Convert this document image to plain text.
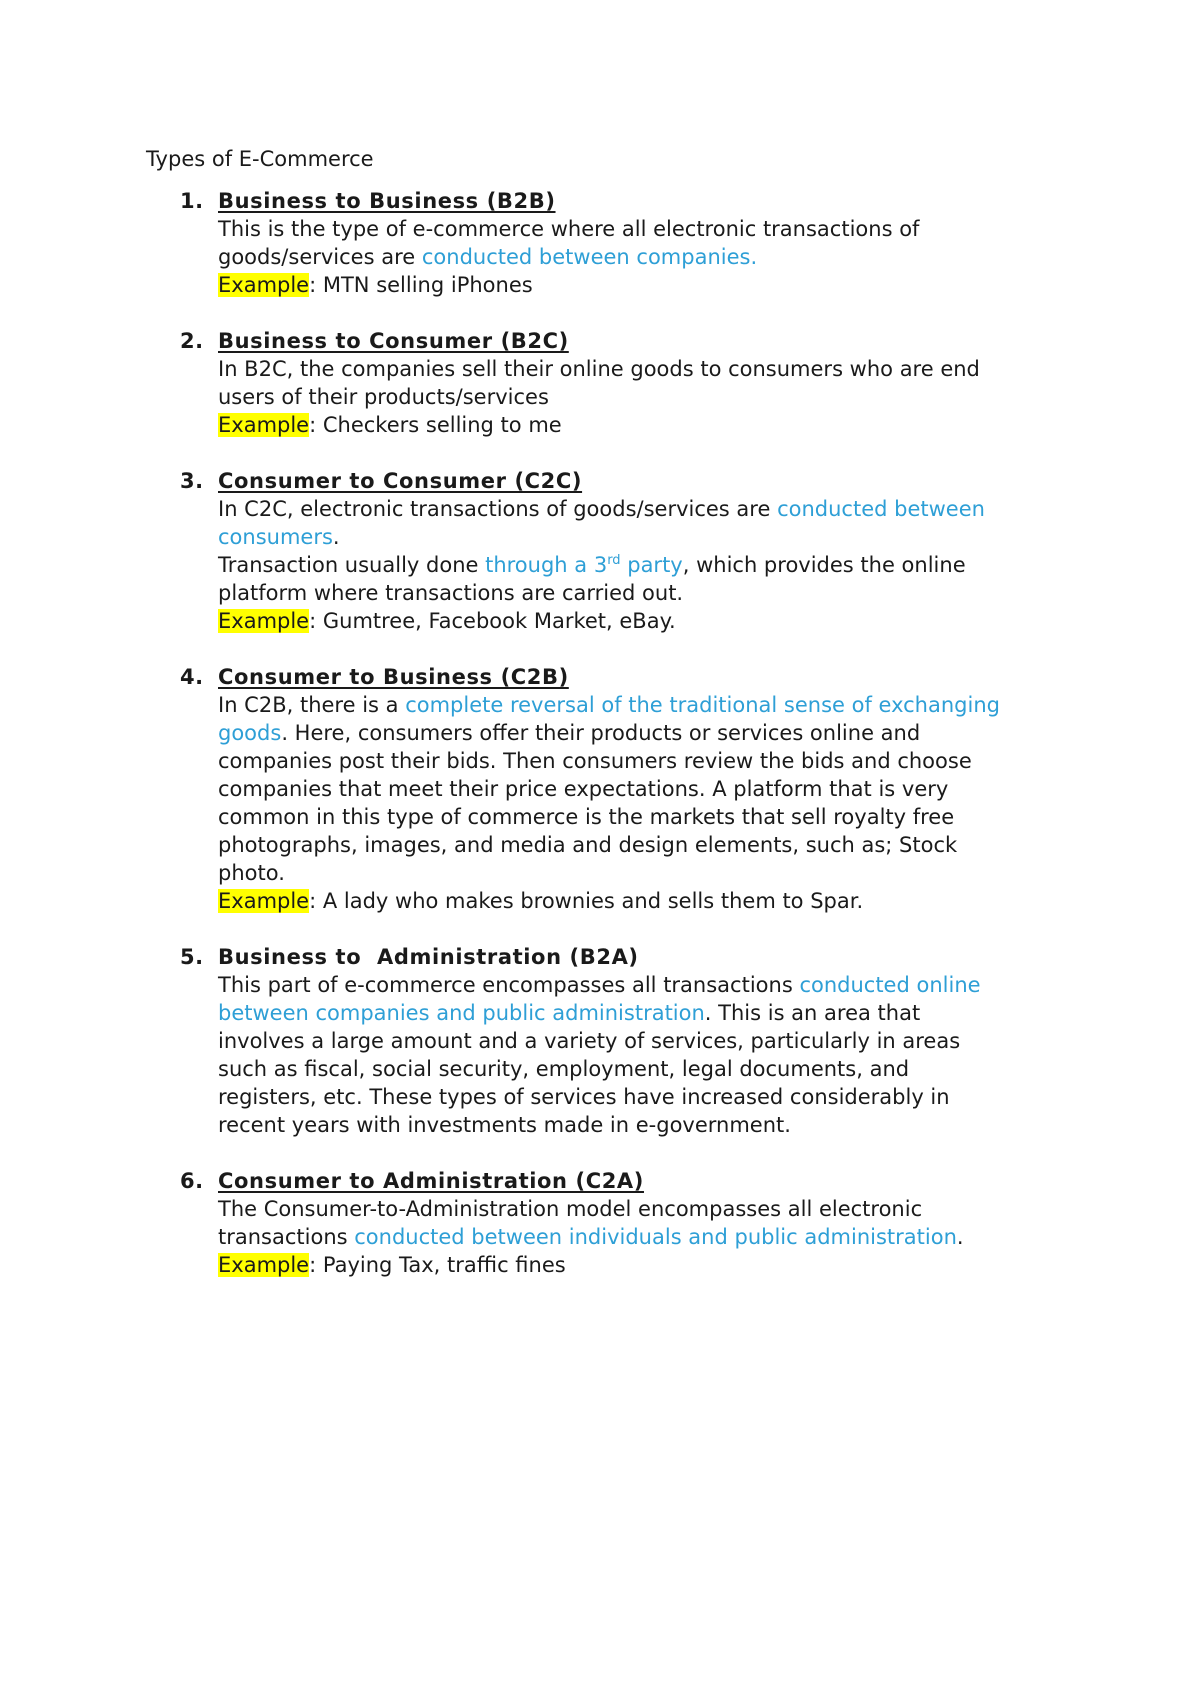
Types of E-Commerce
1. Business to Business (B2B)
This is the type of e-commerce where all electronic transactions of
goods/services are conducted between companies.
Example: MTN selling iPhones
2. Business to Consumer (B2C)
In B2C, the companies sell their online goods to consumers who are end
users of their products/services
Example: Checkers selling to me
3. Consumer to Consumer (C2C)
In C2C, electronic transactions of goods/services are conducted between
consumers.
Transaction usually done through a 3rd party, which provides the online
platform where transactions are carried out.
Example: Gumtree, Facebook Market, eBay.
4. Consumer to Business (C2B)
In C2B, there is a complete reversal of the traditional sense of exchanging
goods. Here, consumers offer their products or services online and
companies post their bids. Then consumers review the bids and choose
companies that meet their price expectations. A platform that is very
common in this type of commerce is the markets that sell royalty free
photographs, images, and media and design elements, such as; Stock
photo.
Example: A lady who makes brownies and sells them to Spar.
5. Business to  Administration (B2A)
This part of e-commerce encompasses all transactions conducted online
between companies and public administration. This is an area that
involves a large amount and a variety of services, particularly in areas
such as fiscal, social security, employment, legal documents, and
registers, etc. These types of services have increased considerably in
recent years with investments made in e-government.
6. Consumer to Administration (C2A)
The Consumer-to-Administration model encompasses all electronic
transactions conducted between individuals and public administration.
Example: Paying Tax, traffic fines
